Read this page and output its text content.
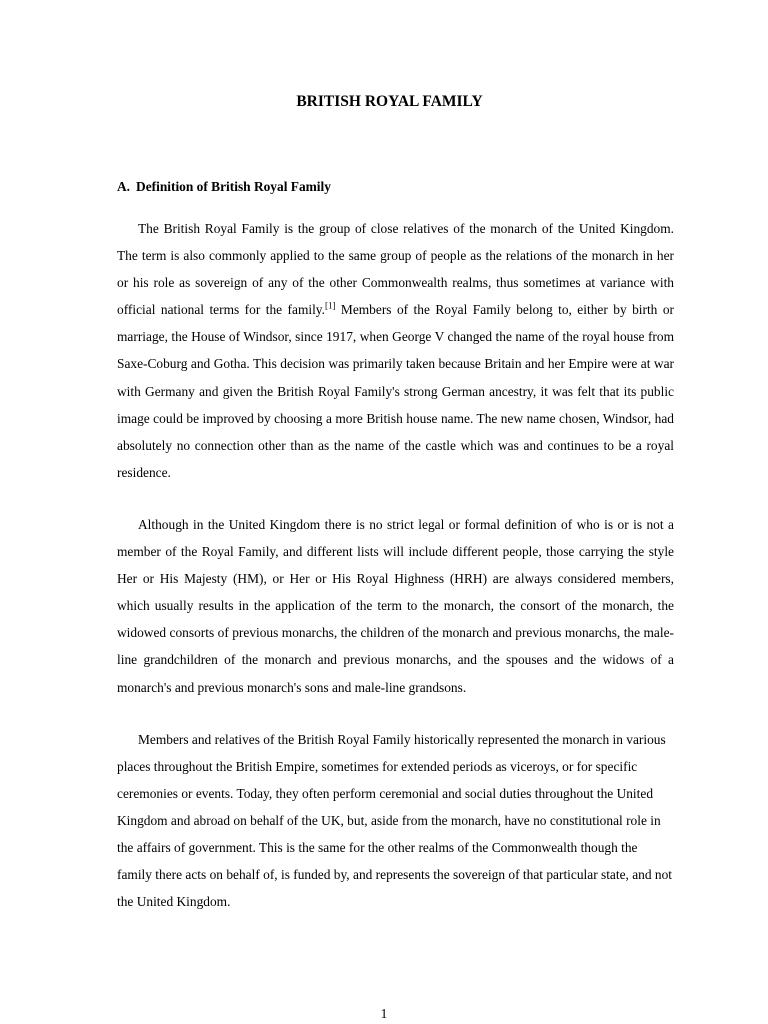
BRITISH ROYAL FAMILY
A. Definition of British Royal Family

The British Royal Family is the group of close relatives of the monarch of the United Kingdom. The term is also commonly applied to the same group of people as the relations of the monarch in her or his role as sovereign of any of the other Commonwealth realms, thus sometimes at variance with official national terms for the family.[1] Members of the Royal Family belong to, either by birth or marriage, the House of Windsor, since 1917, when George V changed the name of the royal house from Saxe-Coburg and Gotha. This decision was primarily taken because Britain and her Empire were at war with Germany and given the British Royal Family's strong German ancestry, it was felt that its public image could be improved by choosing a more British house name. The new name chosen, Windsor, had absolutely no connection other than as the name of the castle which was and continues to be a royal residence.

Although in the United Kingdom there is no strict legal or formal definition of who is or is not a member of the Royal Family, and different lists will include different people, those carrying the style Her or His Majesty (HM), or Her or His Royal Highness (HRH) are always considered members, which usually results in the application of the term to the monarch, the consort of the monarch, the widowed consorts of previous monarchs, the children of the monarch and previous monarchs, the male-line grandchildren of the monarch and previous monarchs, and the spouses and the widows of a monarch's and previous monarch's sons and male-line grandsons.

Members and relatives of the British Royal Family historically represented the monarch in various places throughout the British Empire, sometimes for extended periods as viceroys, or for specific ceremonies or events. Today, they often perform ceremonial and social duties throughout the United Kingdom and abroad on behalf of the UK, but, aside from the monarch, have no constitutional role in the affairs of government. This is the same for the other realms of the Commonwealth though the family there acts on behalf of, is funded by, and represents the sovereign of that particular state, and not the United Kingdom.

1
